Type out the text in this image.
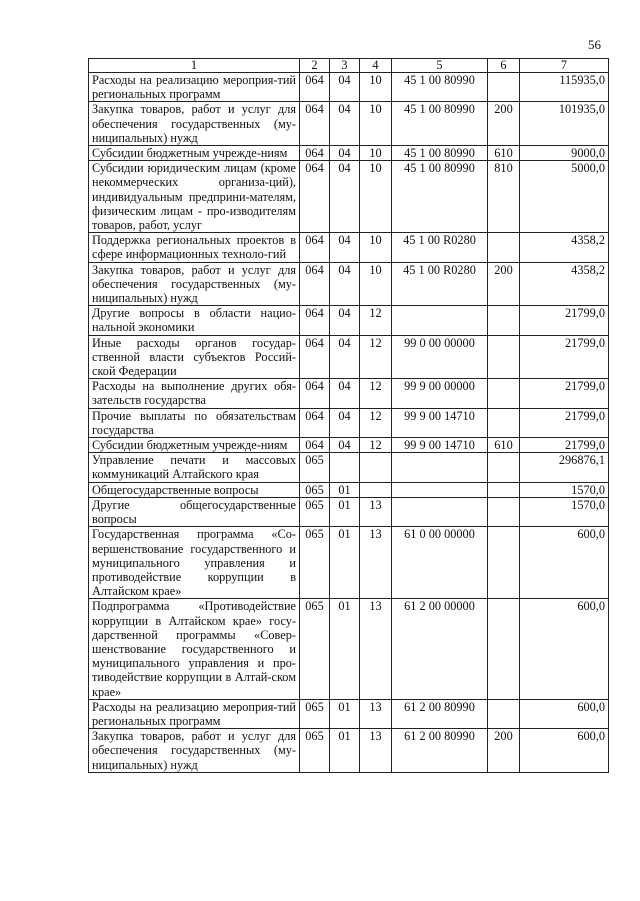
56
1	2	3	4	5	6	7
Расходы на реализацию мероприя-тий региональных программ	064	04	10	45 1 00 80990		115935,0
Закупка товаров, работ и услуг для обеспечения государственных (му-ниципальных) нужд	064	04	10	45 1 00 80990	200	101935,0
Субсидии бюджетным учрежде-ниям	064	04	10	45 1 00 80990	610	9000,0
Субсидии юридическим лицам (кроме некоммерческих организа-ций), индивидуальным предприни-мателям, физическим лицам - про-изводителям товаров, работ, услуг	064	04	10	45 1 00 80990	810	5000,0
Поддержка региональных проектов в сфере информационных техноло-гий	064	04	10	45 1 00 R0280		4358,2
Закупка товаров, работ и услуг для обеспечения государственных (му-ниципальных) нужд	064	04	10	45 1 00 R0280	200	4358,2
Другие вопросы в области нацио-нальной экономики	064	04	12			21799,0
Иные расходы органов государ-ственной власти субъектов Россий-ской Федерации	064	04	12	99 0 00 00000		21799,0
Расходы на выполнение других обя-зательств государства	064	04	12	99 9 00 00000		21799,0
Прочие выплаты по обязательствам государства	064	04	12	99 9 00 14710		21799,0
Субсидии бюджетным учрежде-ниям	064	04	12	99 9 00 14710	610	21799,0
Управление печати и массовых коммуникаций Алтайского края	065					296876,1
Общегосударственные вопросы	065	01				1570,0
Другие общегосударственные вопросы	065	01	13			1570,0
Государственная программа «Со-вершенствование государственного и муниципального управления и противодействие коррупции в Алтайском крае»	065	01	13	61 0 00 00000		600,0
Подпрограмма «Противодействие коррупции в Алтайском крае» госу-дарственной программы «Совер-шенствование государственного и муниципального управления и про-тиводействие коррупции в Алтай-ском крае»	065	01	13	61 2 00 00000		600,0
Расходы на реализацию мероприя-тий региональных программ	065	01	13	61 2 00 80990		600,0
Закупка товаров, работ и услуг для обеспечения государственных (му-ниципальных) нужд	065	01	13	61 2 00 80990	200	600,0
